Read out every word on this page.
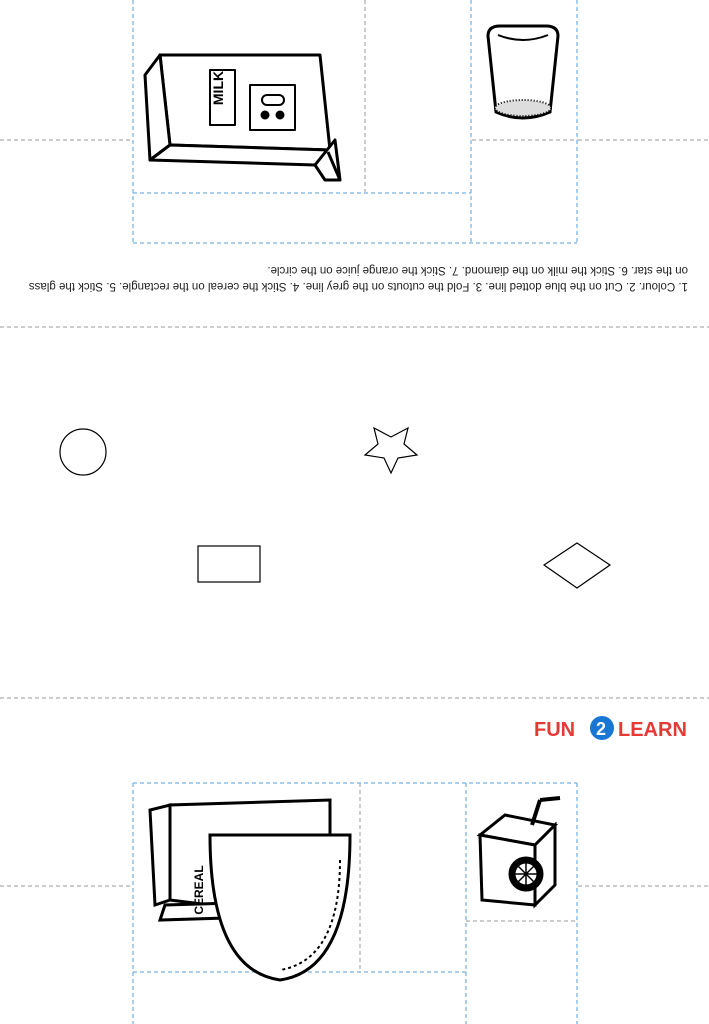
MILK
CEREAL
1. Colour. 2. Cut on the blue dotted line. 3. Fold the cutouts on the grey line. 4. Stick the cereal on the rectangle. 5. Stick the glass on the star. 6. Stick the milk on the diamond. 7. Stick the orange juice on the circle.
FUN 2 LEARN
